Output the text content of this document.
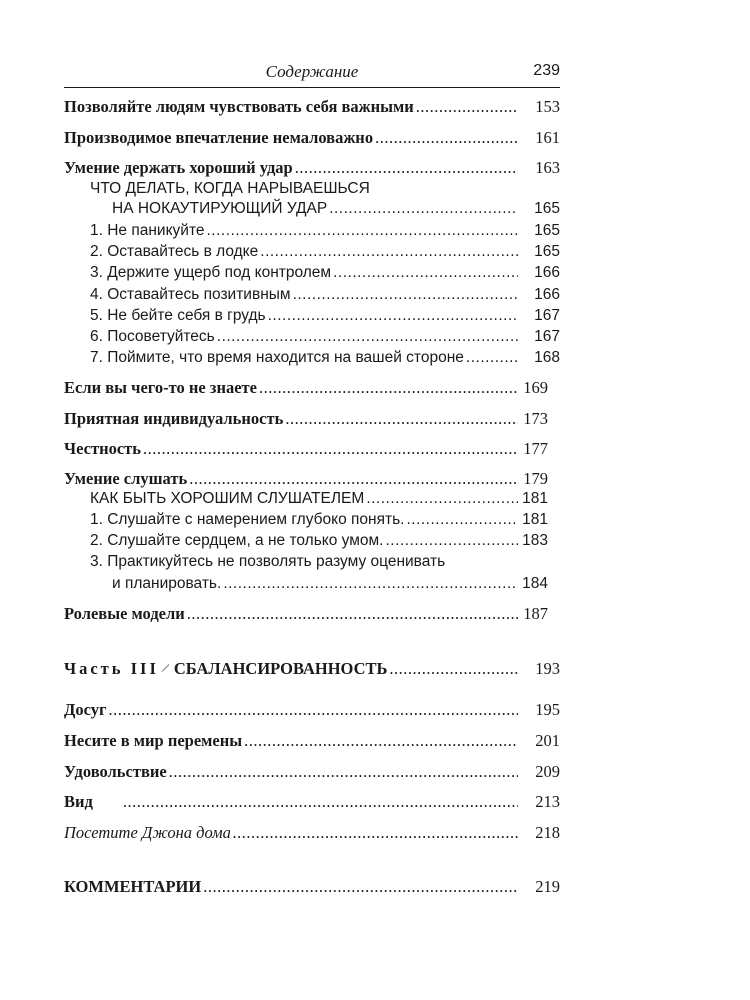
Содержание	239
Позволяйте людям чувствовать себя важными .....	153
Производимое впечатление немаловажно .....	161
Умение держать хороший удар .....	163
ЧТО ДЕЛАТЬ, КОГДА НАРЫВАЕШЬСЯ
НА НОКАУТИРУЮЩИЙ УДАР .....	165
1. Не паникуйте .....	165
2. Оставайтесь в лодке .....	165
3. Держите ущерб под контролем .....	166
4. Оставайтесь позитивным .....	166
5. Не бейте себя в грудь .....	167
6. Посоветуйтесь .....	167
7. Поймите, что время находится на вашей стороне .....	168
Если вы чего-то не знаете .....	169
Приятная индивидуальность .....	173
Честность .....	177
Умение слушать .....	179
КАК БЫТЬ ХОРОШИМ СЛУШАТЕЛЕМ .....	181
1. Слушайте с намерением глубоко понять. .....	181
2. Слушайте сердцем, а не только умом. .....	183
3. Практикуйтесь не позволять разуму оценивать
и планировать. .....	184
Ролевые модели .....	187
Часть III СБАЛАНСИРОВАННОСТЬ .....	193
Досуг .....	195
Несите в мир перемены .....	201
Удовольствие .....	209
Вид .....	213
Посетите Джона дома .....	218
КОММЕНТАРИИ .....	219
